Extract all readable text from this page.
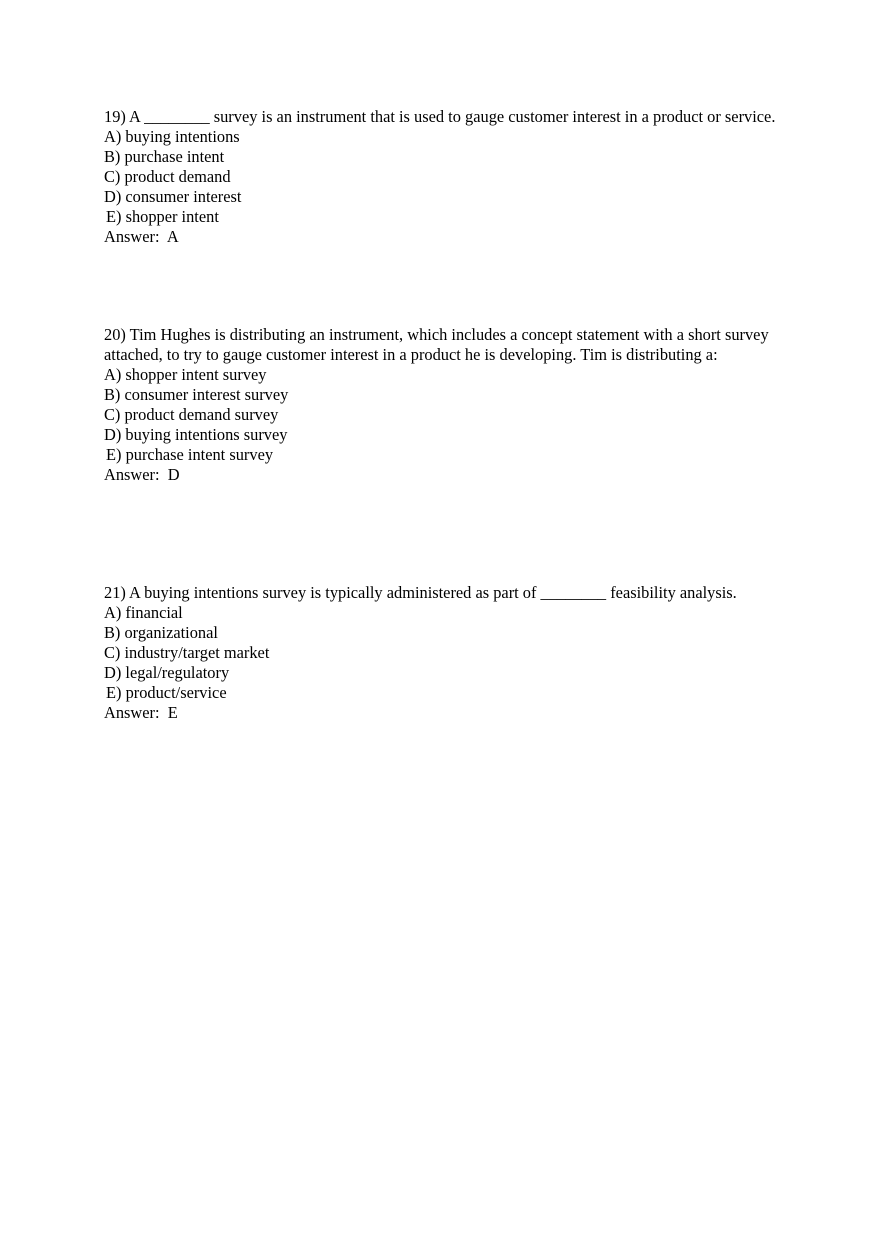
19) A ________ survey is an instrument that is used to gauge customer interest in a product or service.

A) buying intentions

B) purchase intent

C) product demand

D) consumer interest

E) shopper intent

Answer:  A

20) Tim Hughes is distributing an instrument, which includes a concept statement with a short survey attached, to try to gauge customer interest in a product he is developing. Tim is distributing a:

A) shopper intent survey

B) consumer interest survey

C) product demand survey

D) buying intentions survey

E) purchase intent survey

Answer:  D

21) A buying intentions survey is typically administered as part of ________ feasibility analysis.

A) financial

B) organizational

C) industry/target market

D) legal/regulatory

E) product/service

Answer:  E
